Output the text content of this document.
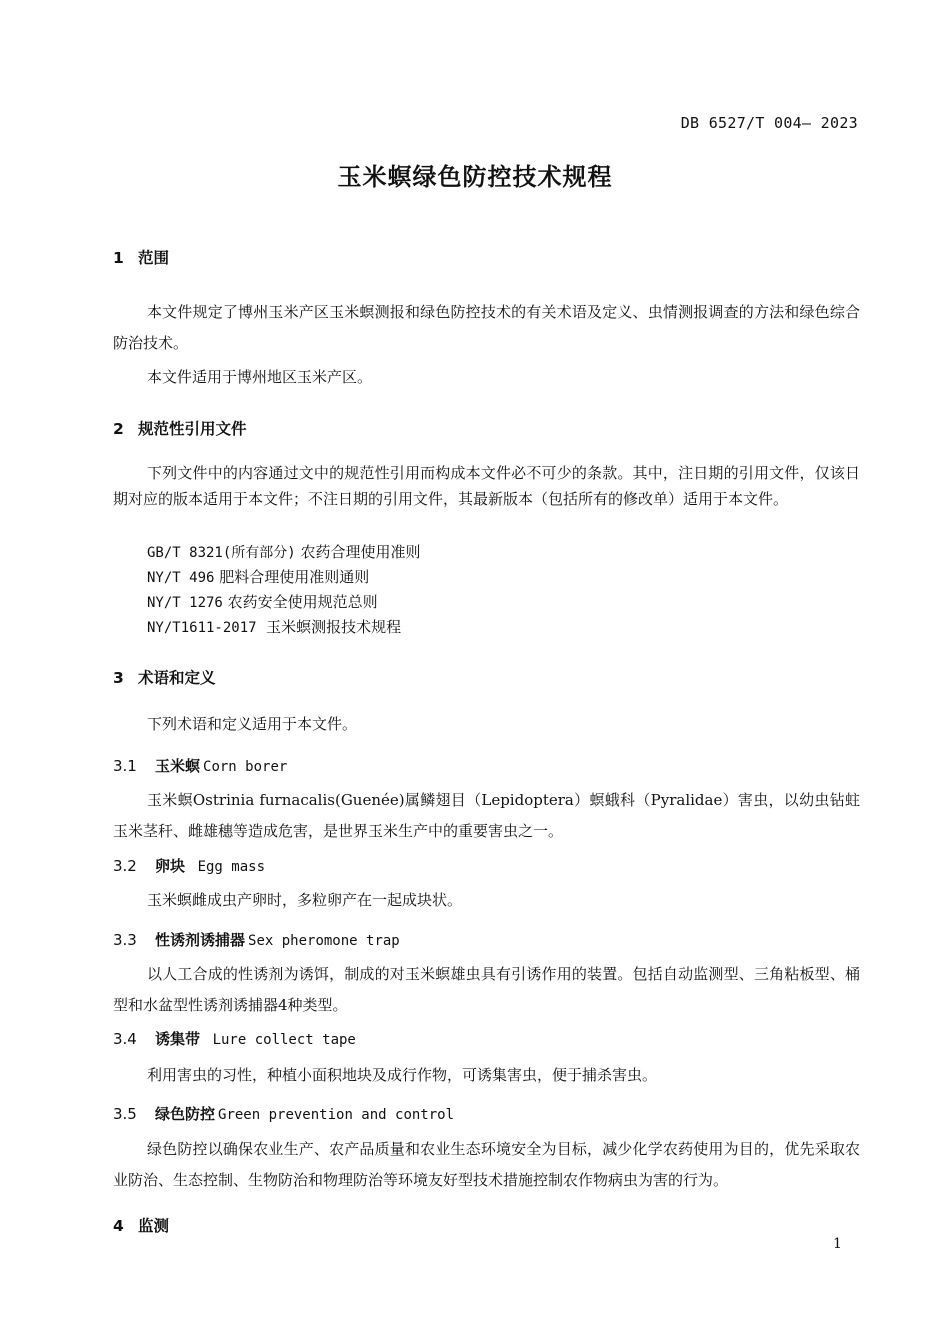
DB 6527/T 004— 2023
玉米螟绿色防控技术规程
1 范围
本文件规定了博州玉米产区玉米螟测报和绿色防控技术的有关术语及定义、虫情测报调查的方法和绿色综合防治技术。
本文件适用于博州地区玉米产区。
2 规范性引用文件
下列文件中的内容通过文中的规范性引用而构成本文件必不可少的条款。其中，注日期的引用文件，仅该日期对应的版本适用于本文件；不注日期的引用文件，其最新版本（包括所有的修改单）适用于本文件。
GB/T 8321(所有部分) 农药合理使用准则
NY/T 496 肥料合理使用准则通则
NY/T 1276 农药安全使用规范总则
NY/T1611-2017 玉米螟测报技术规程
3 术语和定义
下列术语和定义适用于本文件。
3.1 玉米螟 Corn borer
玉米螟Ostrinia furnacalis(Guenée)属鳞翅目（Lepidoptera）螟蛾科（Pyralidae）害虫，以幼虫钻蛀玉米茎秆、雌雄穗等造成危害，是世界玉米生产中的重要害虫之一。
3.2 卵块 Egg mass
玉米螟雌成虫产卵时，多粒卵产在一起成块状。
3.3 性诱剂诱捕器 Sex pheromone trap
以人工合成的性诱剂为诱饵，制成的对玉米螟雄虫具有引诱作用的装置。包括自动监测型、三角粘板型、桶型和水盆型性诱剂诱捕器4种类型。
3.4 诱集带 Lure collect tape
利用害虫的习性，种植小面积地块及成行作物，可诱集害虫，便于捕杀害虫。
3.5 绿色防控 Green prevention and control
绿色防控以确保农业生产、农产品质量和农业生态环境安全为目标，减少化学农药使用为目的，优先采取农业防治、生态控制、生物防治和物理防治等环境友好型技术措施控制农作物病虫为害的行为。
4 监测
1
